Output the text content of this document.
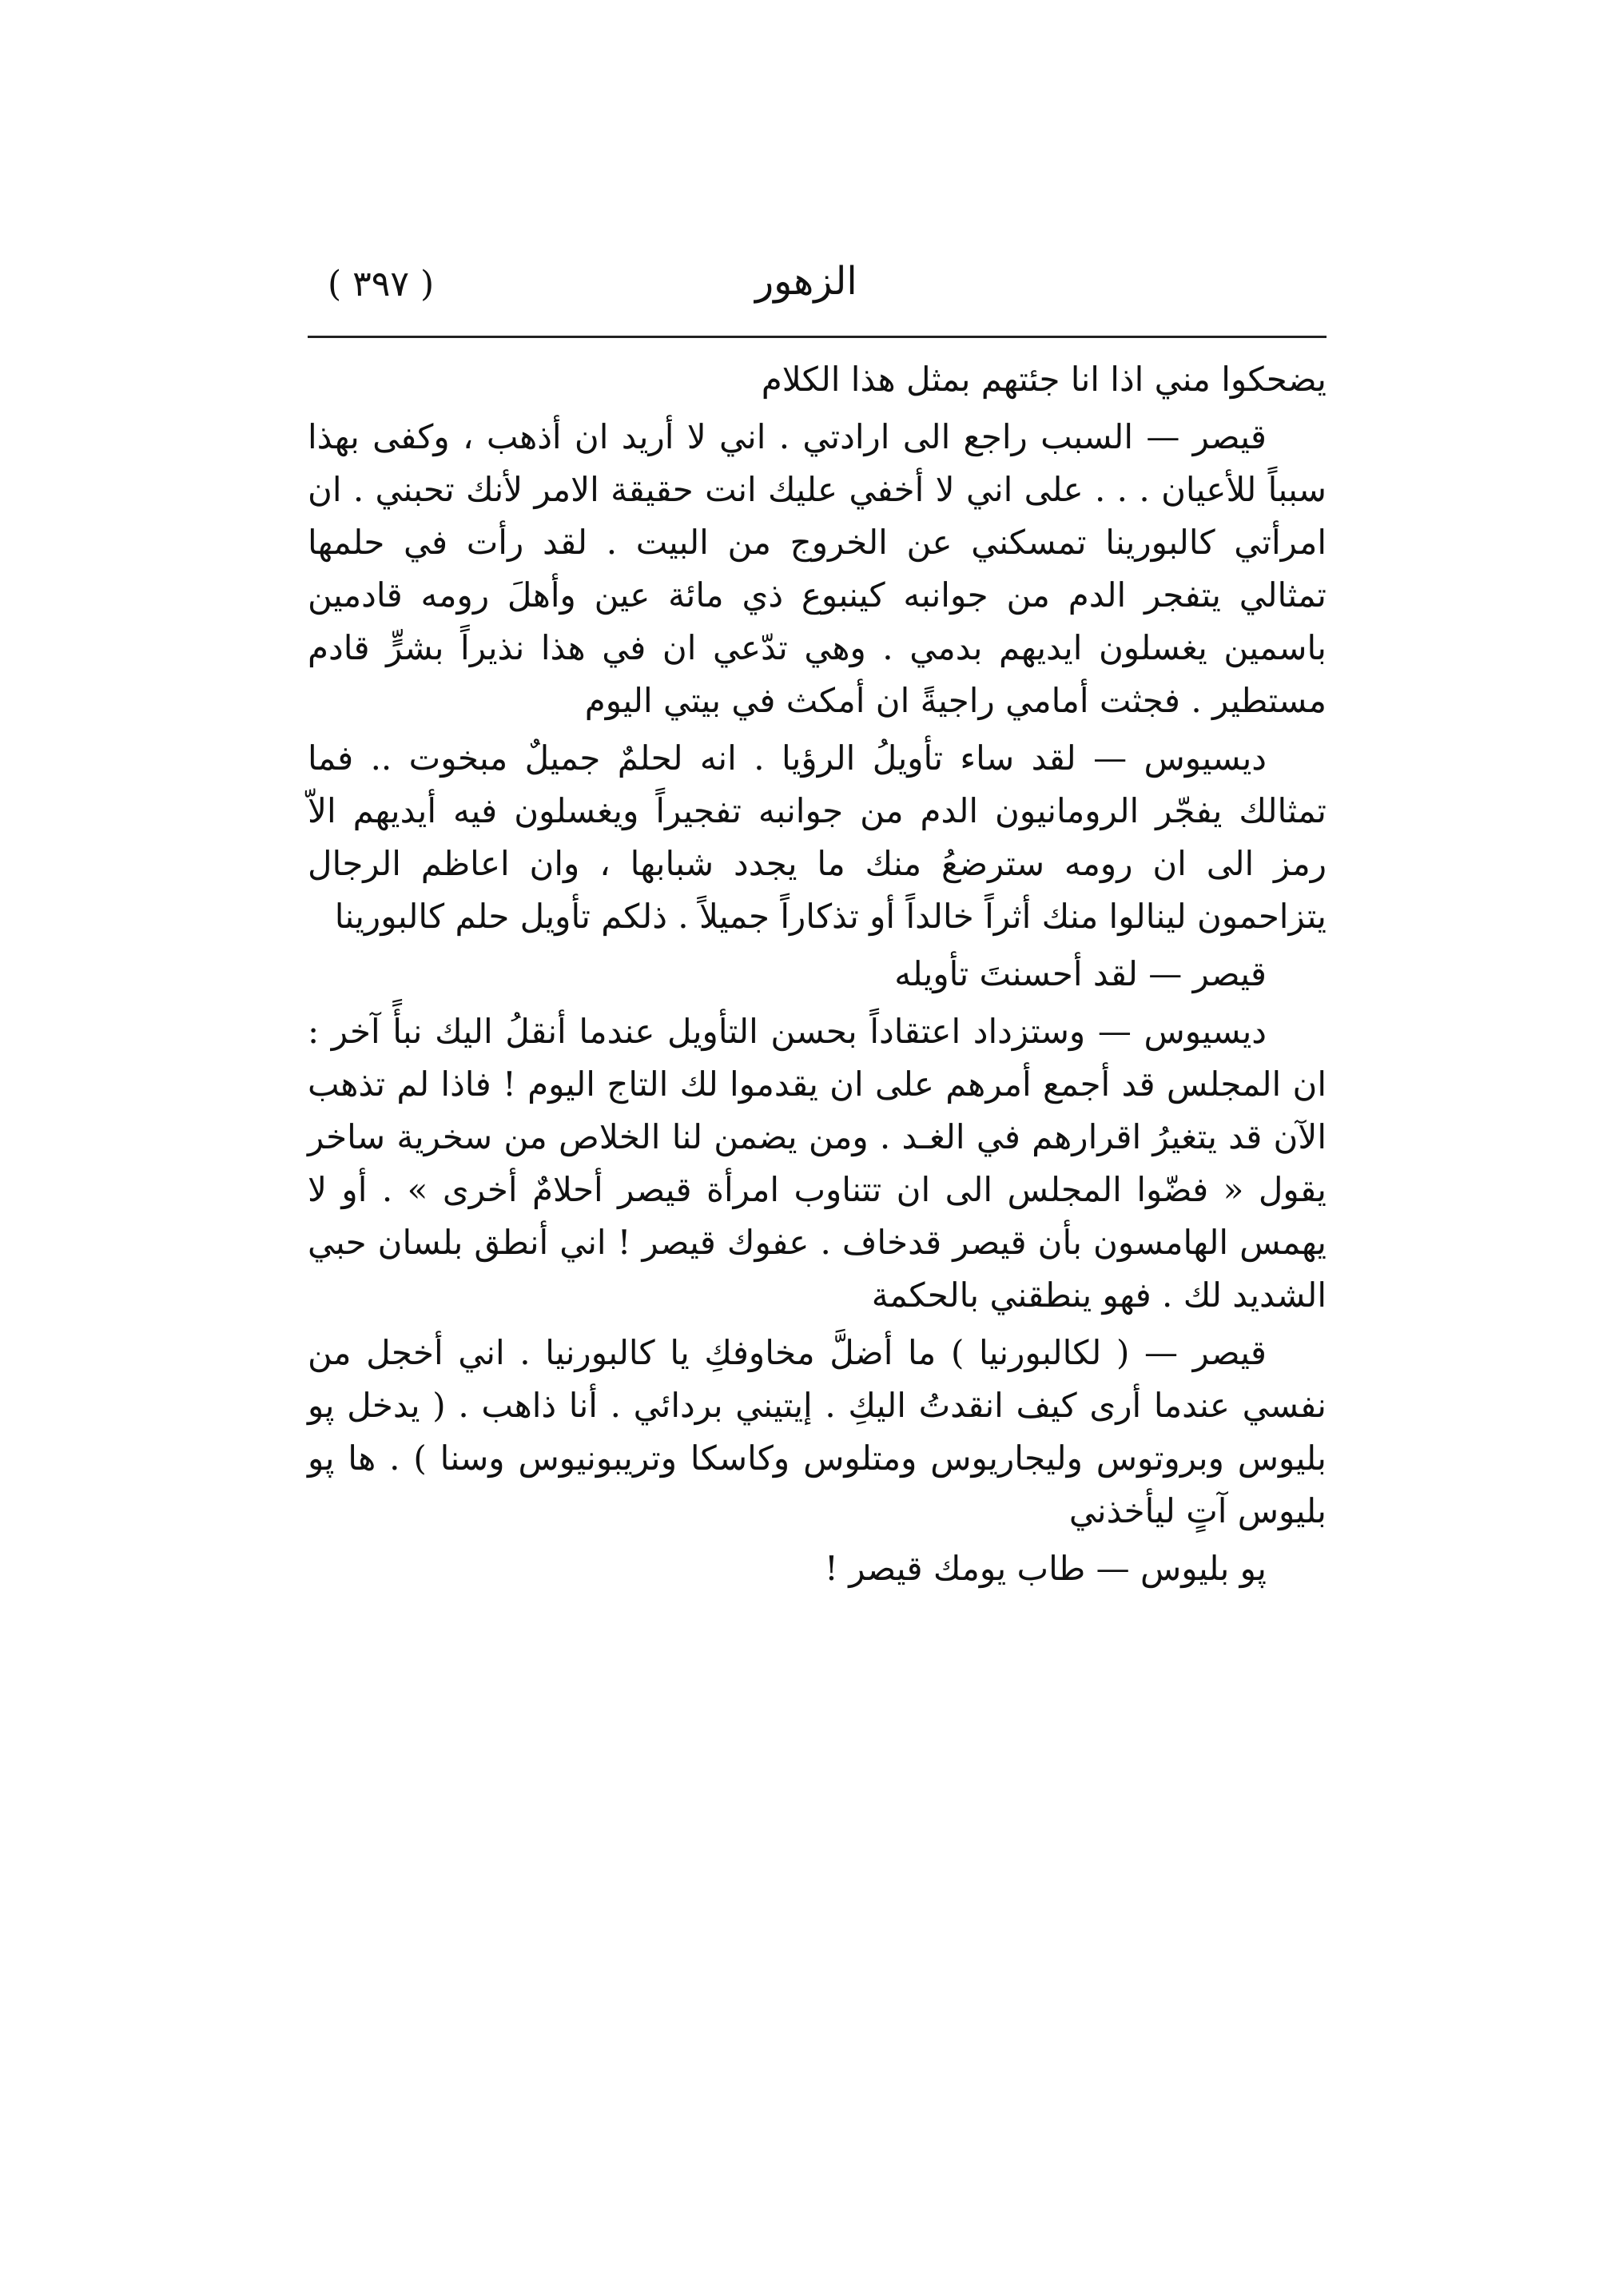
( ٣٩٧ )	الزهور

يضحكوا مني اذا انا جئتهم بمثل هذا الكلام

قيصر — السبب راجع الى ارادتي . اني لا أريد ان أذهب ، وكفى بهذا سبباً للأعيان . . . على اني لا أخفي عليك انت حقيقة الامر لأنك تحبني . ان امرأتي كالبورينا تمسكني عن الخروج من البيت . لقد رأت في حلمها تمثالي يتفجر الدم من جوانبه كينبوع ذي مائة عين وأهلَ رومه قادمين باسمين يغسلون ايديهم بدمي . وهي تدّعي ان في هذا نذيراً بشرٍّ قادم مستطير . فجثت أمامي راجيةً ان أمكث في بيتي اليوم

ديسيوس — لقد ساء تأويلُ الرؤيا . انه لحلمٌ جميلٌ مبخوت .. فما تمثالك يفجّر الرومانيون الدم من جوانبه تفجيراً ويغسلون فيه أيديهم الاّ رمز الى ان رومه سترضعُ منك ما يجدد شبابها ، وان اعاظم الرجال يتزاحمون لينالوا منك أثراً خالداً أو تذكاراً جميلاً . ذلكم تأويل حلم كالبورينا

قيصر — لقد أحسنتَ تأويله

ديسيوس — وستزداد اعتقاداً بحسن التأويل عندما أنقلُ اليك نبأً آخر : ان المجلس قد أجمع أمرهم على ان يقدموا لك التاج اليوم ! فاذا لم تذهب الآن قد يتغيرُ اقرارهم في الغـد . ومن يضمن لنا الخلاص من سخرية ساخر يقول « فضّوا المجلس الى ان تتناوب امرأة قيصر أحلامٌ أخرى » . أو لا يهمس الهامسون بأن قيصر قدخاف . عفوك قيصر ! اني أنطق بلسان حبي الشديد لك . فهو ينطقني بالحكمة

قيصر — ( لكالبورنيا ) ما أضلَّ مخاوفكِ يا كالبورنيا . اني أخجل من نفسي عندما أرى كيف انقدتُ اليكِ . إيتيني بردائي . أنا ذاهب . ( يدخل پو بليوس وبروتوس وليجاريوس ومتلوس وكاسكا وتريبونيوس وسنا ) . ها پو بليوس آتٍ ليأخذني

پو بليوس — طاب يومك قيصر !
